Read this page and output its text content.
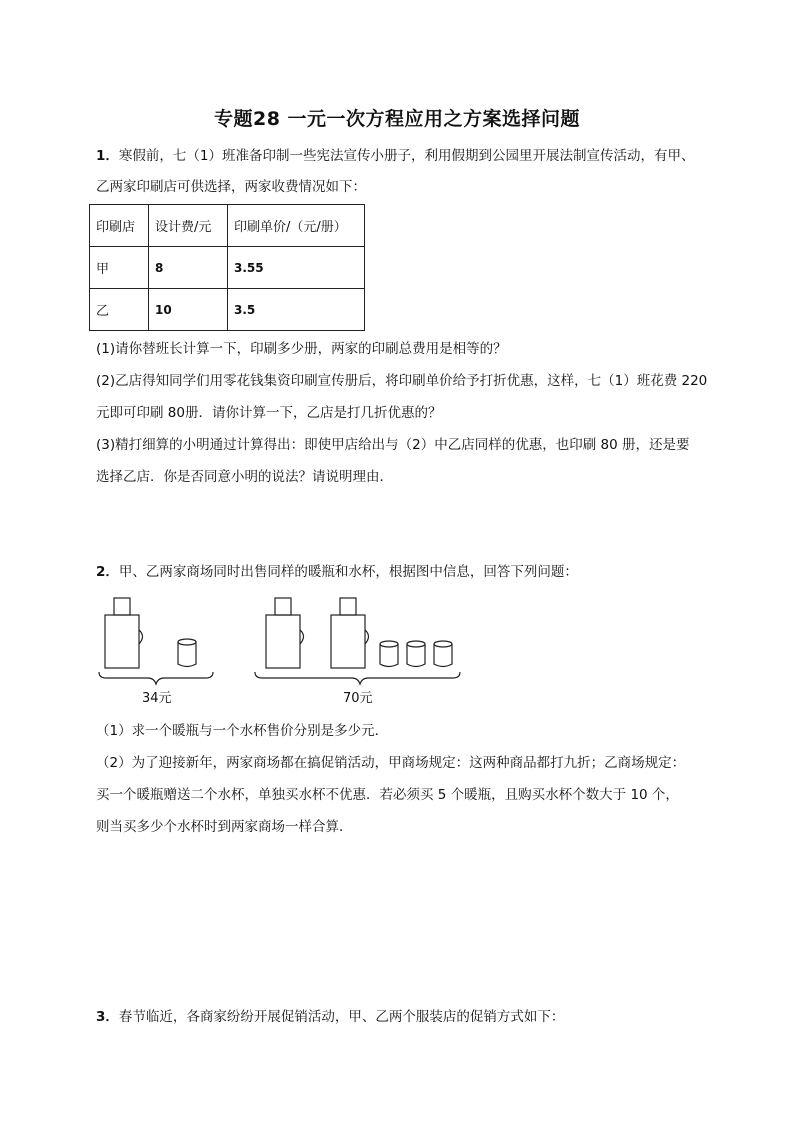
专题28 一元一次方程应用之方案选择问题
1．寒假前，七（1）班准备印制一些宪法宣传小册子，利用假期到公园里开展法制宣传活动，有甲、
乙两家印刷店可供选择，两家收费情况如下：
印刷店	设计费/元	印刷单价/（元/册）
甲	8	3.55
乙	10	3.5
(1)请你替班长计算一下，印刷多少册，两家的印刷总费用是相等的？
(2)乙店得知同学们用零花钱集资印刷宣传册后，将印刷单价给予打折优惠，这样，七（1）班花费 220
元即可印刷 80册．请你计算一下，乙店是打几折优惠的？
(3)精打细算的小明通过计算得出：即使甲店给出与（2）中乙店同样的优惠，也印刷 80 册，还是要
选择乙店．你是否同意小明的说法？请说明理由．
2．甲、乙两家商场同时出售同样的暖瓶和水杯，根据图中信息，回答下列问题：
34元	70元
（1）求一个暖瓶与一个水杯售价分别是多少元．
（2）为了迎接新年，两家商场都在搞促销活动，甲商场规定：这两种商品都打九折；乙商场规定：
买一个暖瓶赠送二个水杯，单独买水杯不优惠．若必须买 5 个暖瓶，且购买水杯个数大于 10 个，
则当买多少个水杯时到两家商场一样合算．
3．春节临近，各商家纷纷开展促销活动，甲、乙两个服装店的促销方式如下：
